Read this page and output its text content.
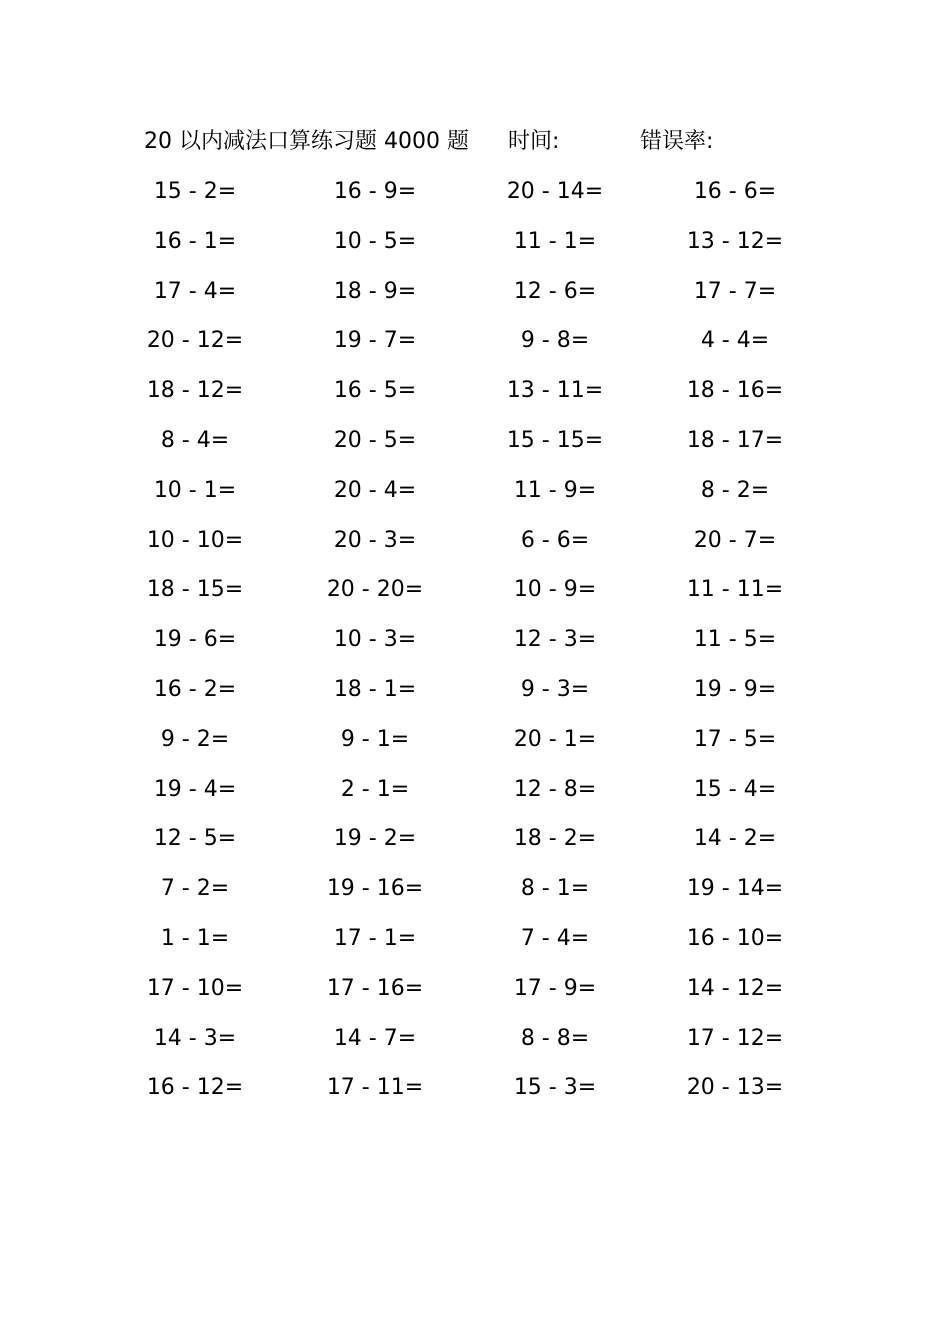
20 以内减法口算练习题 4000 题 时间:	错误率:
15 - 2=	16 - 9=	20 - 14=	16 - 6=
16 - 1=	10 - 5=	11 - 1=	13 - 12=
17 - 4=	18 - 9=	12 - 6=	17 - 7=
20 - 12=	19 - 7=	9 - 8=	4 - 4=
18 - 12=	16 - 5=	13 - 11=	18 - 16=
8 - 4=	20 - 5=	15 - 15=	18 - 17=
10 - 1=	20 - 4=	11 - 9=	8 - 2=
10 - 10=	20 - 3=	6 - 6=	20 - 7=
18 - 15=	20 - 20=	10 - 9=	11 - 11=
19 - 6=	10 - 3=	12 - 3=	11 - 5=
16 - 2=	18 - 1=	9 - 3=	19 - 9=
9 - 2=	9 - 1=	20 - 1=	17 - 5=
19 - 4=	2 - 1=	12 - 8=	15 - 4=
12 - 5=	19 - 2=	18 - 2=	14 - 2=
7 - 2=	19 - 16=	8 - 1=	19 - 14=
1 - 1=	17 - 1=	7 - 4=	16 - 10=
17 - 10=	17 - 16=	17 - 9=	14 - 12=
14 - 3=	14 - 7=	8 - 8=	17 - 12=
16 - 12=	17 - 11=	15 - 3=	20 - 13=
